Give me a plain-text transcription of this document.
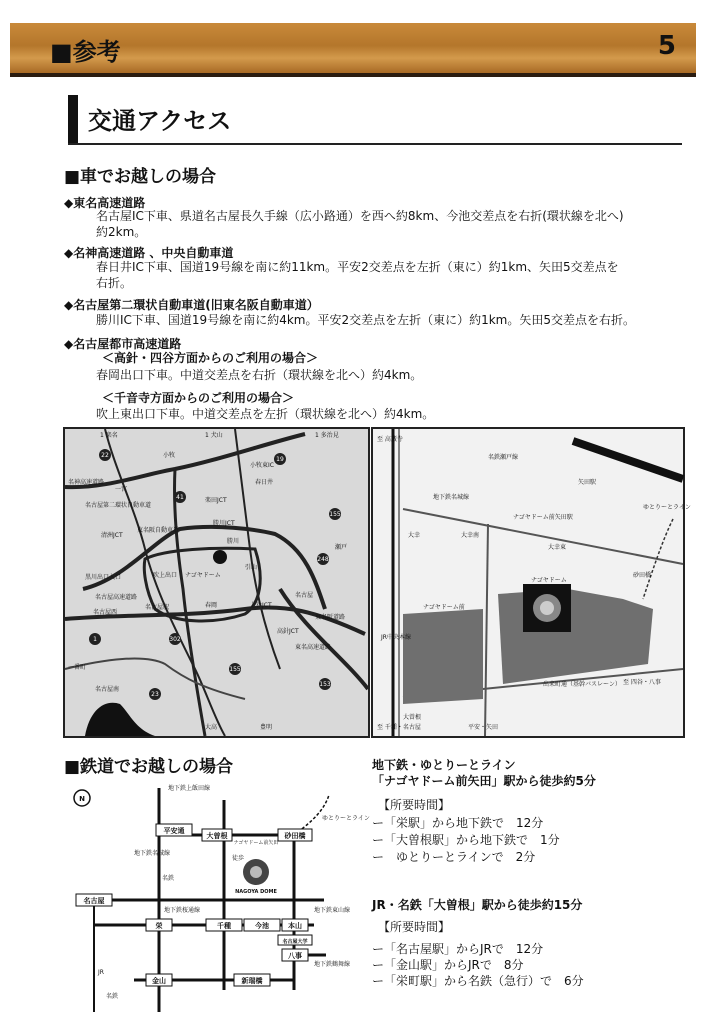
■参考	5
交通アクセス
■車でお越しの場合
◆東名高速道路
名古屋IC下車、県道名古屋長久手線（広小路通）を西へ約8km、今池交差点を右折(環状線を北へ)
約2km。
◆名神高速道路 、中央自動車道
春日井IC下車、国道19号線を南に約11km。平安2交差点を左折（東に）約1km、矢田5交差点を
右折。
◆名古屋第二環状自動車道(旧東名阪自動車道）
勝川IC下車、国道19号線を南に約4km。平安2交差点を左折（東に）約1km。矢田5交差点を右折。
◆名古屋都市高速道路
＜高針・四谷方面からのご利用の場合＞
春岡出口下車。中道交差点を右折（環状線を北へ）約4km。
＜千音寺方面からのご利用の場合＞
吹上東出口下車。中道交差点を左折（環状線を北へ）約4km。
1 楽名	1 犬山	1 多治見
小牧
小牧東IC
春日井
名神高速道路
一宮
名古屋第二環状自動車道
勝川JCT
楽田JCT
清洲JCT
東名阪自動車道
勝川
瀬戸
ナゴヤドーム
引山
吹上出口
黒川出口入口
名古屋高速道路
名古屋西
名古屋駅	春岡	上社JCT
名古屋
高針JCT
東名阪道路
一番町
名古屋南
大高
東名高速道路
豊明
22
19
41
155
248
1	302
23
153
155
名鉄瀬戸線
矢田駅
大幸	大幸南
地下鉄名城線
ナゴヤドーム前矢田駅
ゆとりーとライン
大幸東
砂田橋
ナゴヤドーム前
ナゴヤドーム
JR中央本線
出来町通（基幹バスレーン）
大曽根
至 高蔵寺
至 千種・名古屋
至 四谷・八事
平安・矢田
■鉄道でお越しの場合
N
NAGOYA DOME
ナゴヤドーム前矢田
徒歩
名古屋
栄	千種	今池	本山
八事
金山	新瑞橋
平安通
大曽根	砂田橋
名古屋大学
地下鉄上飯田線
地下鉄名城線
名鉄
地下鉄桜通線	地下鉄東山線
地下鉄鶴舞線
ゆとりーとライン
JR
名鉄
地下鉄・ゆとりーとライン
「ナゴヤドーム前矢田」駅から徒歩約5分
【所要時間】
ー「栄駅」から地下鉄で　12分
ー「大曽根駅」から地下鉄で　1分
ー　ゆとりーとラインで　2分
JR・名鉄「大曽根」駅から徒歩約15分
【所要時間】
ー「名古屋駅」からJRで　12分
ー「金山駅」からJRで　8分
ー「栄町駅」から名鉄（急行）で　6分
